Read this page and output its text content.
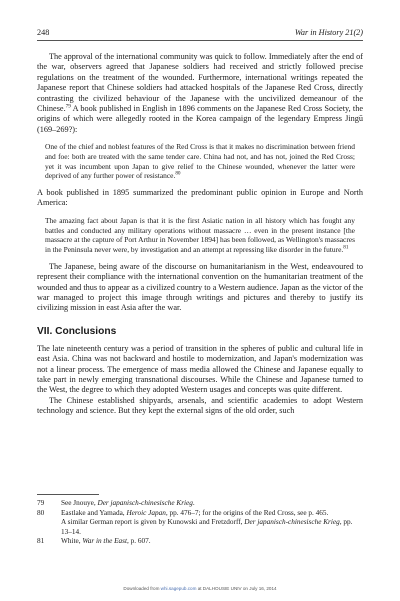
248	War in History 21(2)

The approval of the international community was quick to follow. Immediately after the end of the war, observers agreed that Japanese soldiers had received and strictly followed precise regulations on the treatment of the wounded. Furthermore, international writings repeated the Japanese report that Chinese soldiers had attacked hospitals of the Japanese Red Cross, directly contrasting the civilized behaviour of the Japanese with the uncivilized demeanour of the Chinese.$^{79}$ A book published in English in 1896 comments on the Japanese Red Cross Society, the origins of which were allegedly rooted in the Korea campaign of the legendary Empress Jingū (169–269?):

One of the chief and noblest features of the Red Cross is that it makes no discrimination between friend and foe: both are treated with the same tender care. China had not, and has not, joined the Red Cross; yet it was incumbent upon Japan to give relief to the Chinese wounded, whenever the latter were deprived of any further power of resistance.$^{80}$

A book published in 1895 summarized the predominant public opinion in Europe and North America:

The amazing fact about Japan is that it is the first Asiatic nation in all history which has fought any battles and conducted any military operations without massacre … even in the present instance [the massacre at the capture of Port Arthur in November 1894] has been followed, as Wellington's massacres in the Peninsula never were, by investigation and an attempt at repressing like disorder in the future.$^{81}$

The Japanese, being aware of the discourse on humanitarianism in the West, endeavoured to represent their compliance with the international convention on the humanitarian treatment of the wounded and thus to appear as a civilized country to a Western audience. Japan as the victor of the war managed to project this image through writings and pictures and thereby to justify its civilizing mission in east Asia after the war.

VII. Conclusions

The late nineteenth century was a period of transition in the spheres of public and cultural life in east Asia. China was not backward and hostile to modernization, and Japan's modernization was not a linear process. The emergence of mass media allowed the Chinese and Japanese equally to take part in newly emerging transnational discourses. While the Chinese and Japanese turned to the West, the degree to which they adopted Western usages and concepts was quite different.

The Chinese established shipyards, arsenals, and scientific academies to adopt Western technology and science. But they kept the external signs of the old order, such

79 See Jnouye, Der japanisch-chinesische Krieg.
80 Eastlake and Yamada, Heroic Japan, pp. 476–7; for the origins of the Red Cross, see p. 465.
A similar German report is given by Kunowski and Fretzdorff, Der japanisch-chinesische Krieg, pp. 13–14.
81 White, War in the East, p. 607.
Downloaded from whi.sagepub.com at DALHOUSIE UNIV on July 16, 2014
